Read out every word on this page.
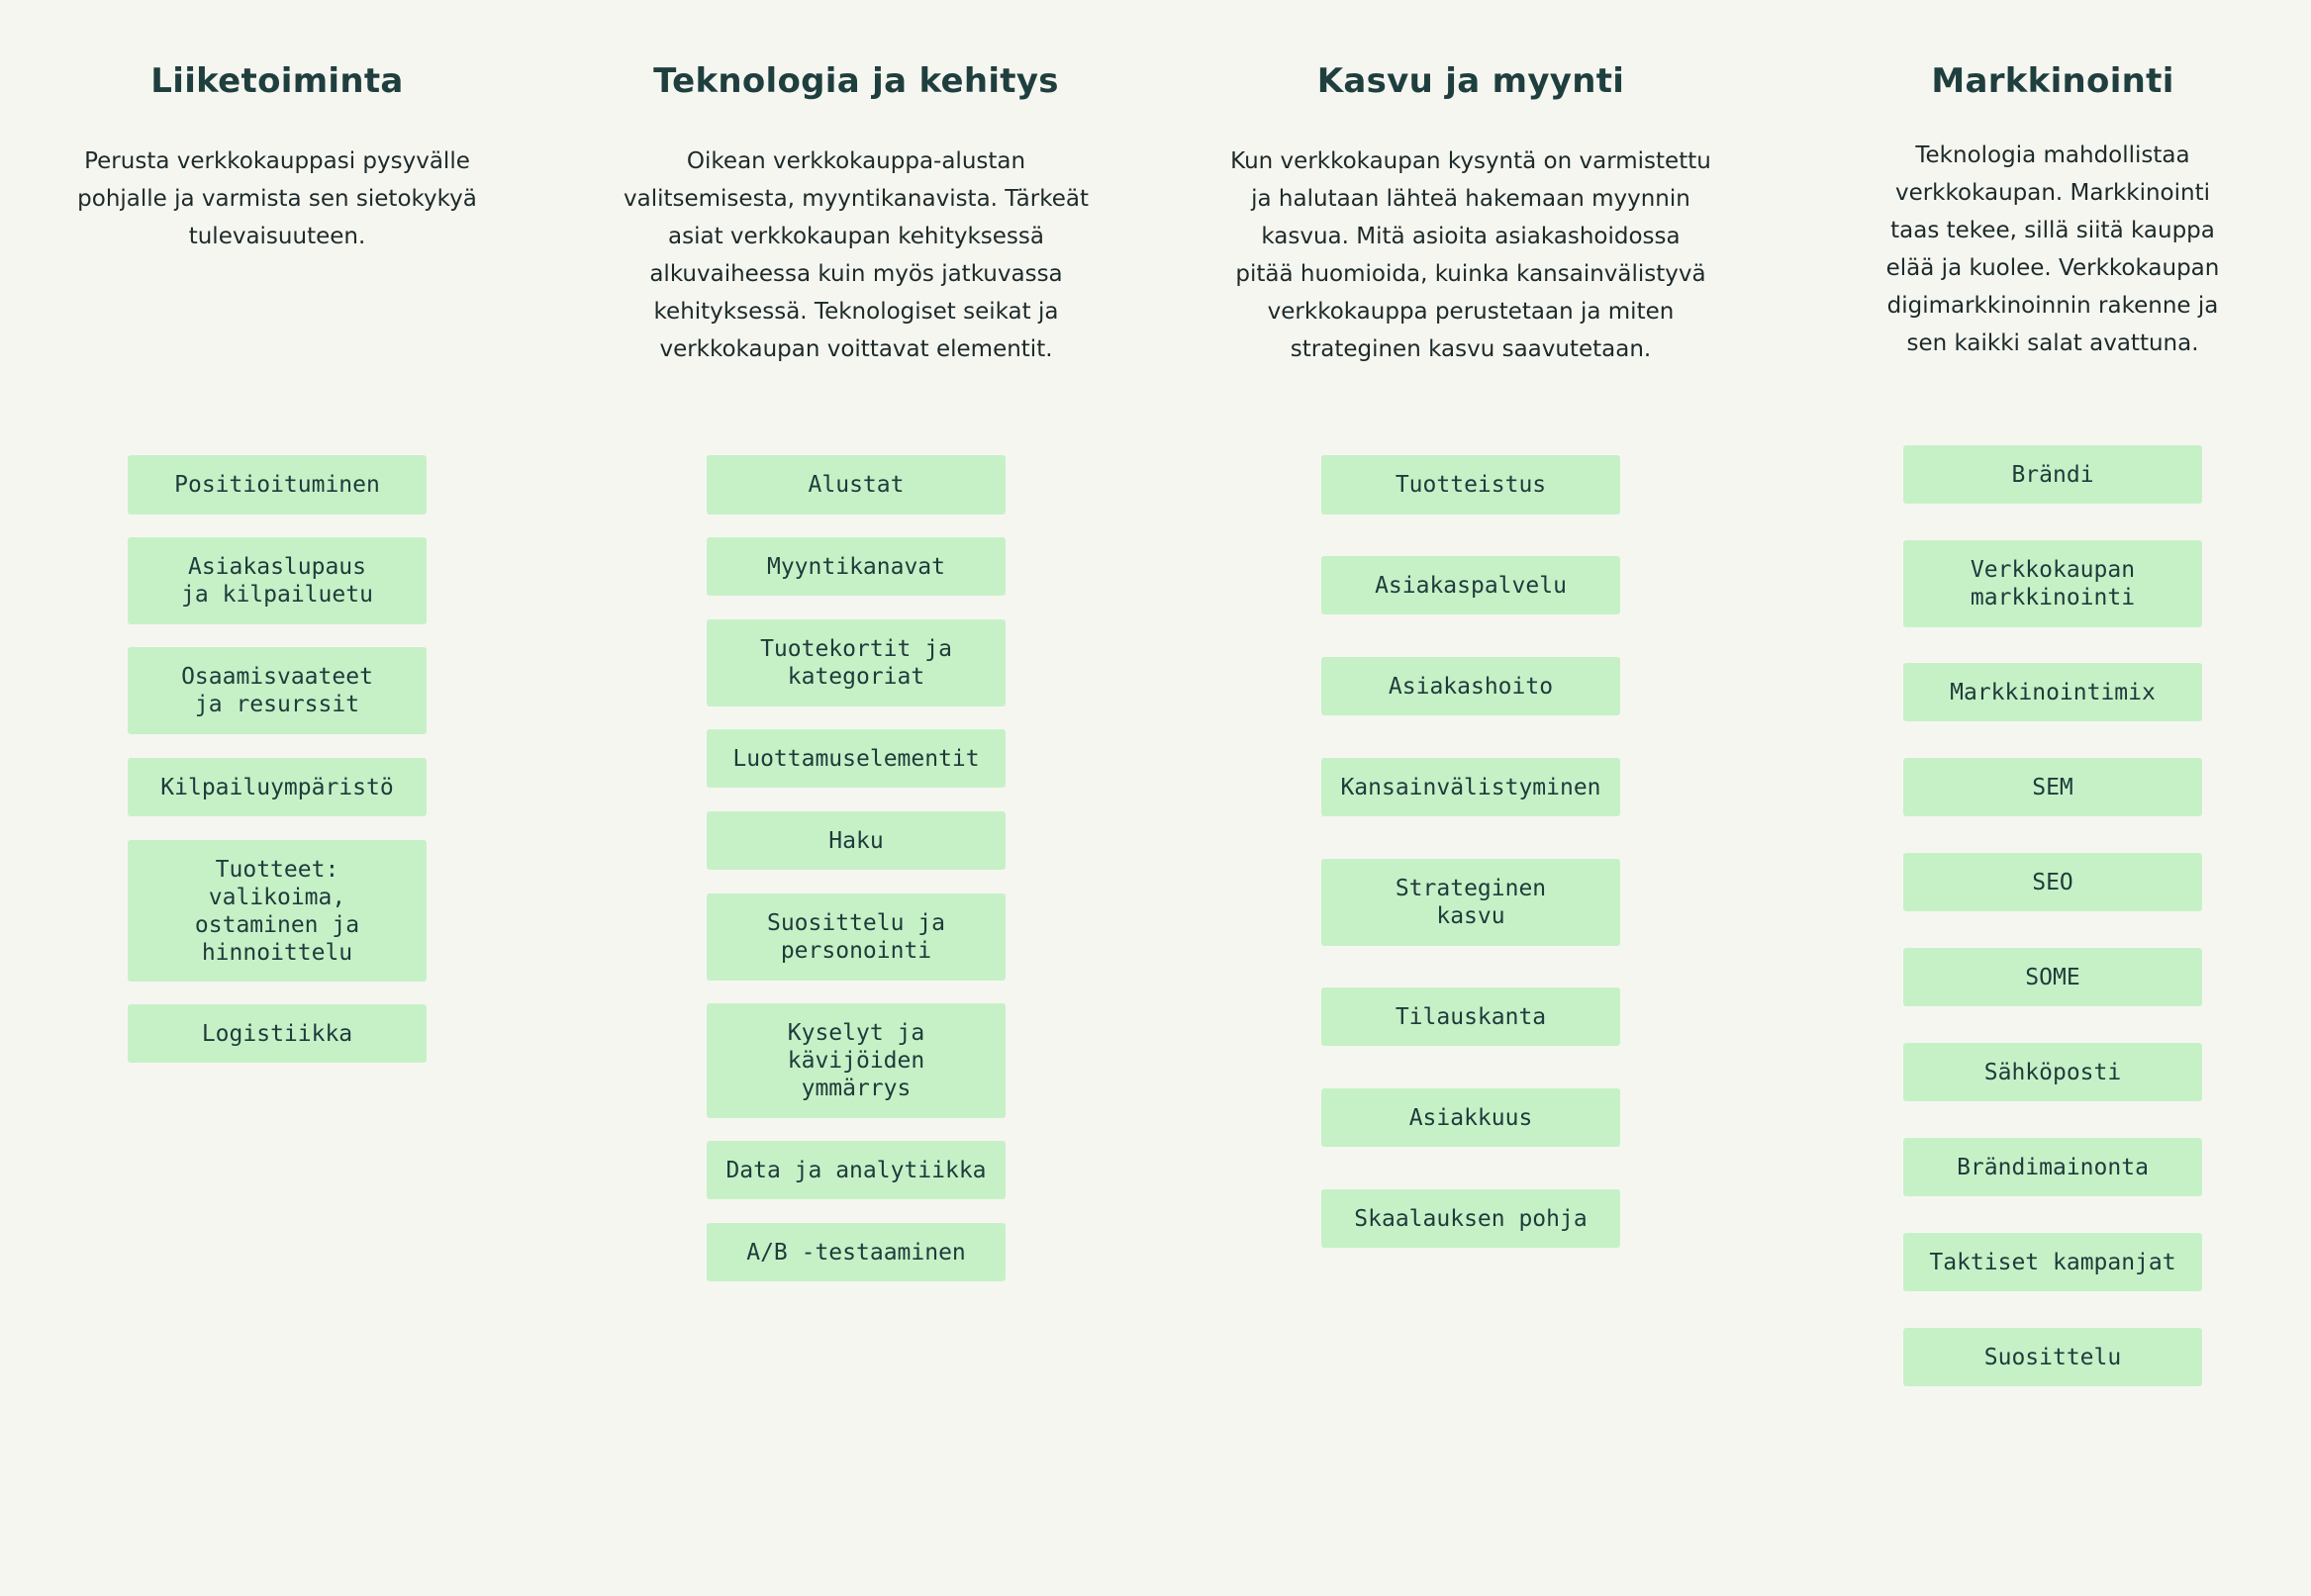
Liiketoiminta

Perusta verkkokauppasi pysyvälle
pohjalle ja varmista sen sietokykyä
tulevaisuuteen.

Positioituminen
Asiakaslupaus
ja kilpailuetu
Osaamisvaateet
ja resurssit
Kilpailuympäristö
Tuotteet:
valikoima,
ostaminen ja
hinnoittelu
Logistiikka
Teknologia ja kehitys

Oikean verkkokauppa-alustan
valitsemisesta, myyntikanavista. Tärkeät
asiat verkkokaupan kehityksessä
alkuvaiheessa kuin myös jatkuvassa
kehityksessä. Teknologiset seikat ja
verkkokaupan voittavat elementit.

Alustat
Myyntikanavat
Tuotekortit ja
kategoriat
Luottamuselementit
Haku
Suosittelu ja
personointi
Kyselyt ja
kävijöiden
ymmärrys
Data ja analytiikka
A/B -testaaminen
Kasvu ja myynti

Kun verkkokaupan kysyntä on varmistettu
ja halutaan lähteä hakemaan myynnin
kasvua. Mitä asioita asiakashoidossa
pitää huomioida, kuinka kansainvälistyvä
verkkokauppa perustetaan ja miten
strateginen kasvu saavutetaan.

Tuotteistus
Asiakaspalvelu
Asiakashoito
Kansainvälistyminen
Strateginen
kasvu
Tilauskanta
Asiakkuus
Skaalauksen pohja
Markkinointi

Teknologia mahdollistaa
verkkokaupan. Markkinointi
taas tekee, sillä siitä kauppa
elää ja kuolee. Verkkokaupan
digimarkkinoinnin rakenne ja
sen kaikki salat avattuna.

Brändi
Verkkokaupan
markkinointi
Markkinointimix
SEM
SEO
SOME
Sähköposti
Brändimainonta
Taktiset kampanjat
Suosittelu
